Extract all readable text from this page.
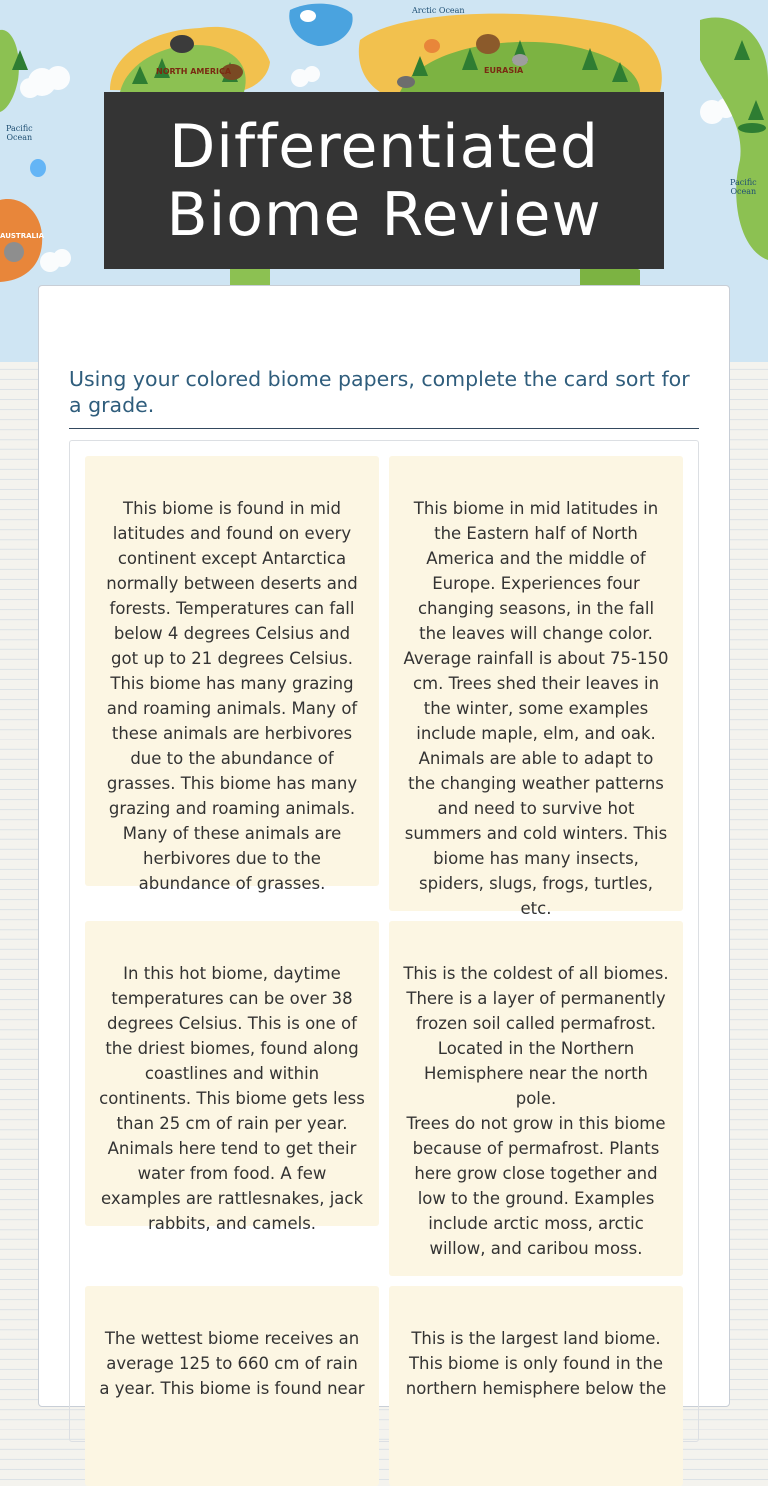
Arctic Ocean
NORTH AMERICA	EURASIA
Pacific
Ocean
Pacific
Ocean
AUSTRALIA
Differentiated
Biome Review

Using your colored biome papers, complete the card sort for a grade.

This biome is found in mid latitudes and found on every continent except Antarctica normally between deserts and forests. Temperatures can fall below 4 degrees Celsius and got up to 21 degrees Celsius. This biome has many grazing and roaming animals. Many of these animals are herbivores due to the abundance of grasses. This biome has many grazing and roaming animals. Many of these animals are herbivores due to the abundance of grasses.

This biome in mid latitudes in the Eastern half of North America and the middle of Europe. Experiences four changing seasons, in the fall the leaves will change color. Average rainfall is about 75-150 cm. Trees shed their leaves in the winter, some examples include maple, elm, and oak. Animals are able to adapt to the changing weather patterns and need to survive hot summers and cold winters. This biome has many insects, spiders, slugs, frogs, turtles, etc.

In this hot biome, daytime temperatures can be over 38 degrees Celsius. This is one of the driest biomes, found along coastlines and within continents. This biome gets less than 25 cm of rain per year. Animals here tend to get their water from food. A few examples are rattlesnakes, jack rabbits, and camels.

This is the coldest of all biomes. There is a layer of permanently frozen soil called permafrost. Located in the Northern Hemisphere near the north pole.
Trees do not grow in this biome because of permafrost. Plants here grow close together and low to the ground. Examples include arctic moss, arctic willow, and caribou moss.

The wettest biome receives an average 125 to 660 cm of rain a year. This biome is found near

This is the largest land biome. This biome is only found in the northern hemisphere below the
